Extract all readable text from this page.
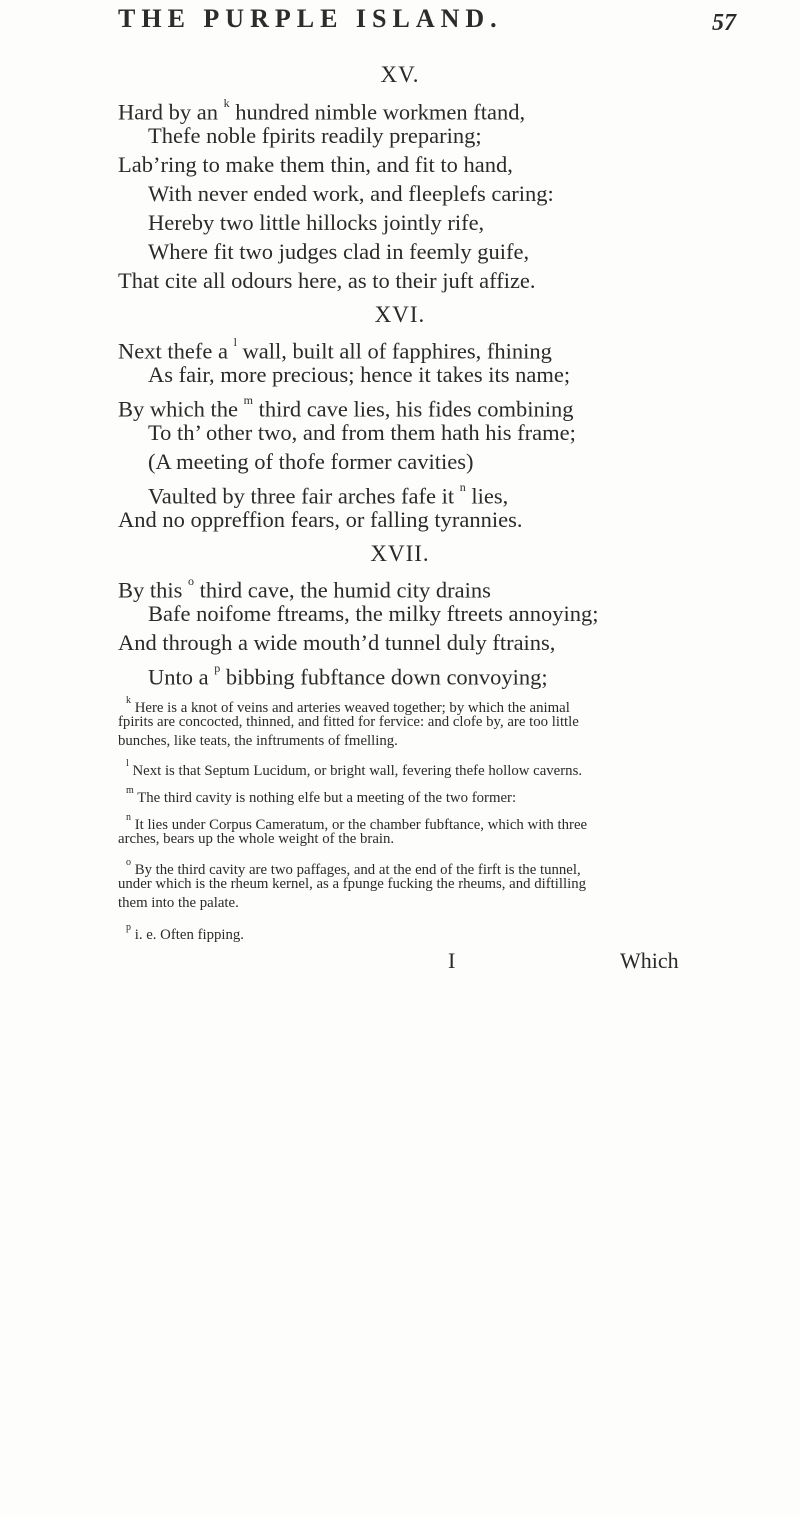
THE PURPLE ISLAND.	57
XV.
Hard by an $^k$ hundred nimble workmen ftand,
Thefe noble fpirits readily preparing;
Lab’ring to make them thin, and fit to hand,
With never ended work, and fleeplefs caring:
Hereby two little hillocks jointly rife,
Where fit two judges clad in feemly guife,
That cite all odours here, as to their juft affize.
XVI.
Next thefe a $^l$ wall, built all of fapphires, fhining
As fair, more precious; hence it takes its name;
By which the $^m$ third cave lies, his fides combining
To th’ other two, and from them hath his frame;
(A meeting of thofe former cavities)
Vaulted by three fair arches fafe it $^n$ lies,
And no oppreffion fears, or falling tyrannies.
XVII.
By this $^o$ third cave, the humid city drains
Bafe noifome ftreams, the milky ftreets annoying;
And through a wide mouth’d tunnel duly ftrains,
Unto a $^p$ bibbing fubftance down convoying;
$^k$ Here is a knot of veins and arteries weaved together; by which the animal
fpirits are concocted, thinned, and fitted for fervice: and clofe by, are too little
bunches, like teats, the inftruments of fmelling.
$^l$ Next is that Septum Lucidum, or bright wall, fevering thefe hollow caverns.
$^m$ The third cavity is nothing elfe but a meeting of the two former:
$^n$ It lies under Corpus Cameratum, or the chamber fubftance, which with three
arches, bears up the whole weight of the brain.
$^o$ By the third cavity are two paffages, and at the end of the firft is the tunnel,
under which is the rheum kernel, as a fpunge fucking the rheums, and diftilling
them into the palate.
$^p$ i. e. Often fipping.
I	Which
